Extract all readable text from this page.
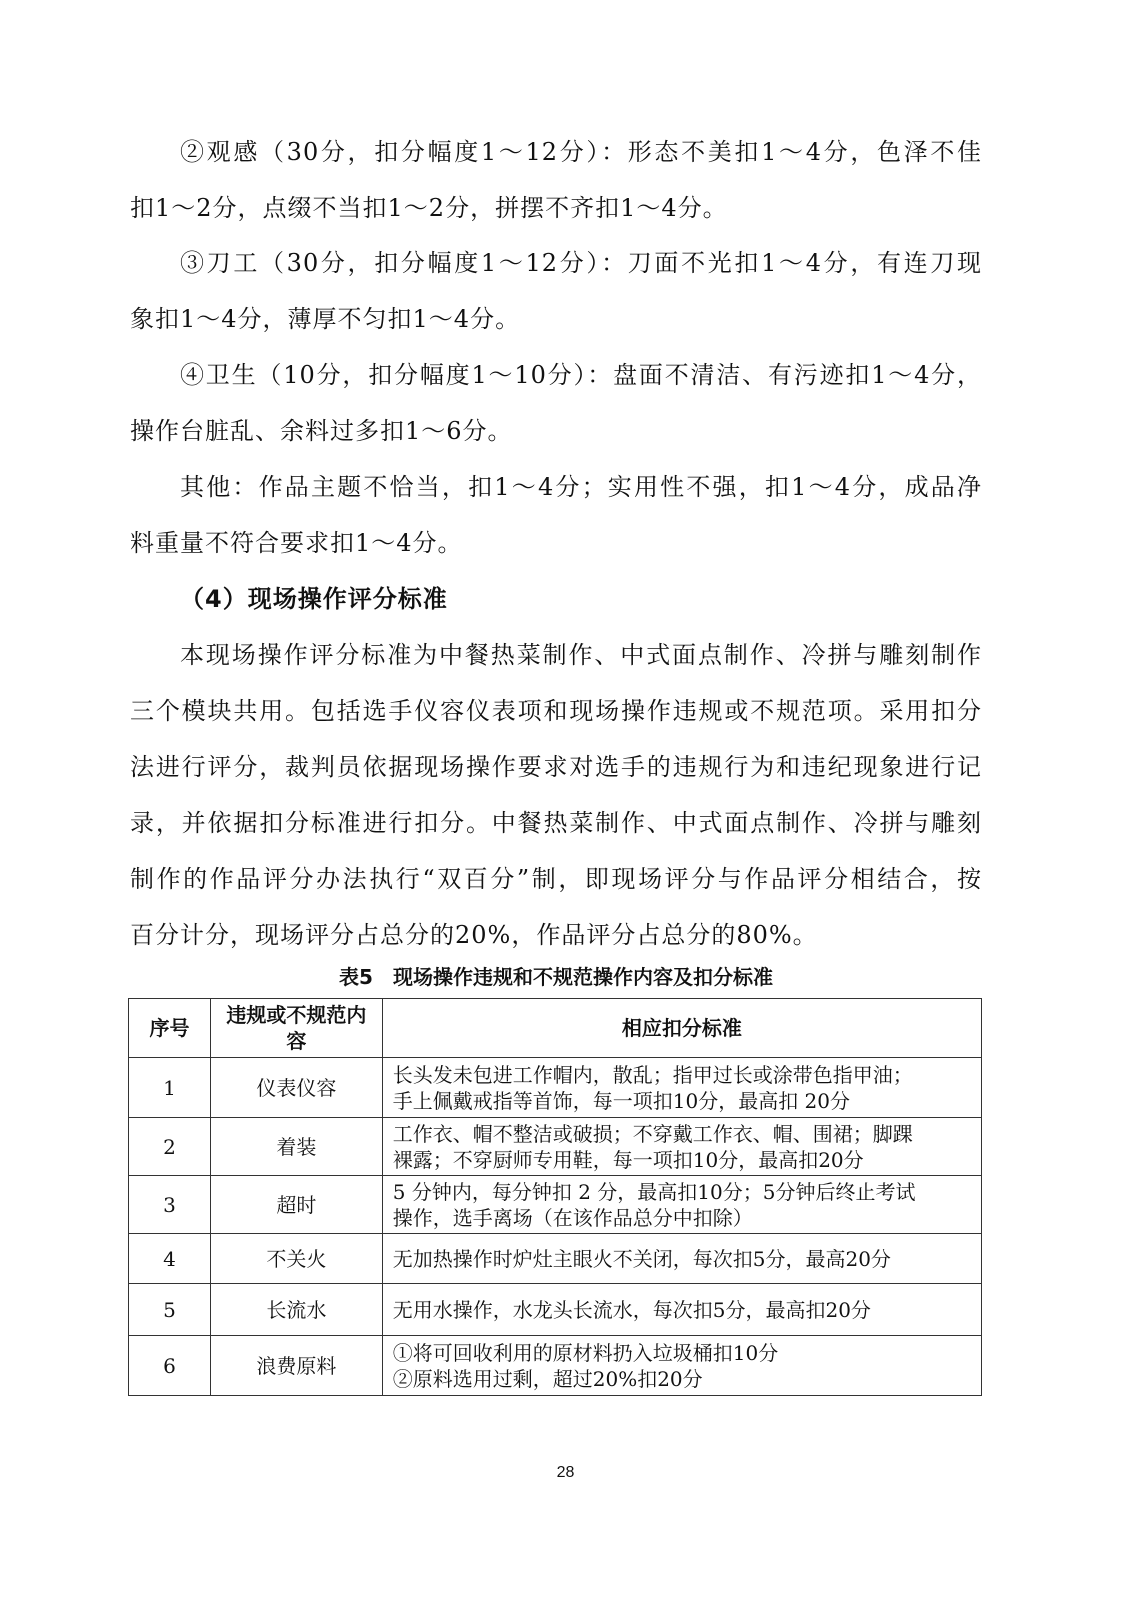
②观感（30分，扣分幅度1～12分）：形态不美扣1～4分，色泽不佳
扣1～2分，点缀不当扣1～2分，拼摆不齐扣1～4分。
③刀工（30分，扣分幅度1～12分）：刀面不光扣1～4分，有连刀现
象扣1～4分，薄厚不匀扣1～4分。
④卫生（10分，扣分幅度1～10分）：盘面不清洁、有污迹扣1～4分，
操作台脏乱、余料过多扣1～6分。
其他：作品主题不恰当，扣1～4分；实用性不强，扣1～4分，成品净
料重量不符合要求扣1～4分。
（4）现场操作评分标准
本现场操作评分标准为中餐热菜制作、中式面点制作、冷拼与雕刻制作
三个模块共用。包括选手仪容仪表项和现场操作违规或不规范项。采用扣分
法进行评分，裁判员依据现场操作要求对选手的违规行为和违纪现象进行记
录，并依据扣分标准进行扣分。中餐热菜制作、中式面点制作、冷拼与雕刻
制作的作品评分办法执行“双百分”制，即现场评分与作品评分相结合，按
百分计分，现场评分占总分的20%，作品评分占总分的80%。
表5　现场操作违规和不规范操作内容及扣分标准
序号	违规或不规范内容	相应扣分标准
1	仪表仪容	长头发未包进工作帽内，散乱；指甲过长或涂带色指甲油；
手上佩戴戒指等首饰，每一项扣10分，最高扣 20分

2	着装	工作衣、帽不整洁或破损；不穿戴工作衣、帽、围裙；脚踝
裸露；不穿厨师专用鞋，每一项扣10分，最高扣20分

3	超时	5 分钟内，每分钟扣 2 分，最高扣10分；5分钟后终止考试
操作，选手离场（在该作品总分中扣除）

4	不关火	无加热操作时炉灶主眼火不关闭，每次扣5分，最高20分

5	长流水	无用水操作，水龙头长流水，每次扣5分，最高扣20分

6	浪费原料	①将可回收利用的原材料扔入垃圾桶扣10分
②原料选用过剩，超过20%扣20分
28
